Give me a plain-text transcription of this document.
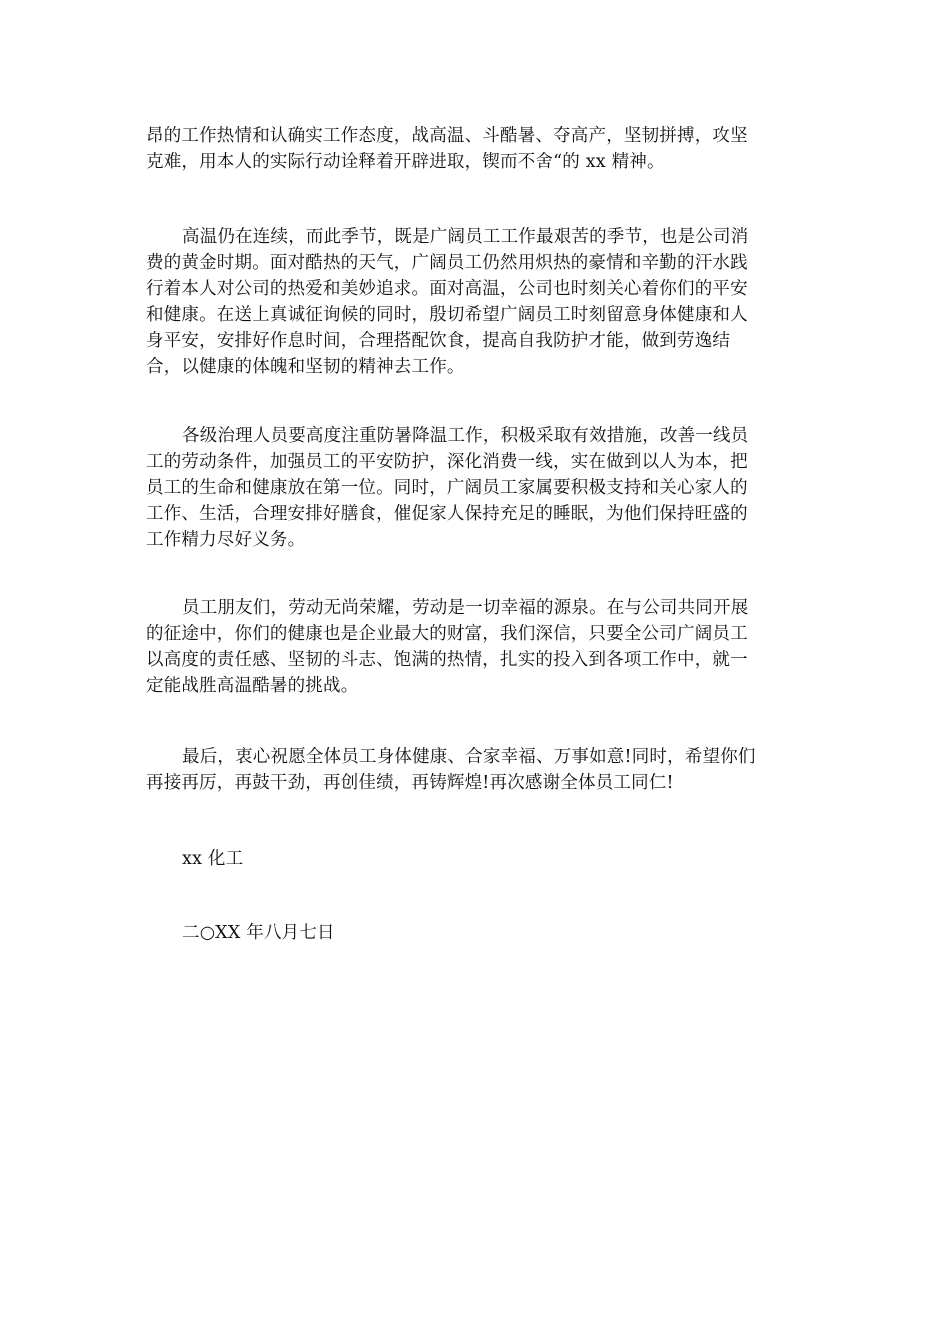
昂的工作热情和认确实工作态度，战高温、斗酷暑、夺高产，坚韧拼搏，攻坚
克难，用本人的实际行动诠释着开辟进取，锲而不舍“的 xx 精神。

高温仍在连续，而此季节，既是广阔员工工作最艰苦的季节，也是公司消
费的黄金时期。面对酷热的天气，广阔员工仍然用炽热的豪情和辛勤的汗水践
行着本人对公司的热爱和美妙追求。面对高温，公司也时刻关心着你们的平安
和健康。在送上真诚征询候的同时，殷切希望广阔员工时刻留意身体健康和人
身平安，安排好作息时间，合理搭配饮食，提高自我防护才能，做到劳逸结
合，以健康的体魄和坚韧的精神去工作。

各级治理人员要高度注重防暑降温工作，积极采取有效措施，改善一线员
工的劳动条件，加强员工的平安防护，深化消费一线，实在做到以人为本，把
员工的生命和健康放在第一位。同时，广阔员工家属要积极支持和关心家人的
工作、生活，合理安排好膳食，催促家人保持充足的睡眠，为他们保持旺盛的
工作精力尽好义务。

员工朋友们，劳动无尚荣耀，劳动是一切幸福的源泉。在与公司共同开展
的征途中，你们的健康也是企业最大的财富，我们深信，只要全公司广阔员工
以高度的责任感、坚韧的斗志、饱满的热情，扎实的投入到各项工作中，就一
定能战胜高温酷暑的挑战。

最后，衷心祝愿全体员工身体健康、合家幸福、万事如意!同时，希望你们
再接再厉，再鼓干劲，再创佳绩，再铸辉煌!再次感谢全体员工同仁!

xx 化工

二○XX 年八月七日
